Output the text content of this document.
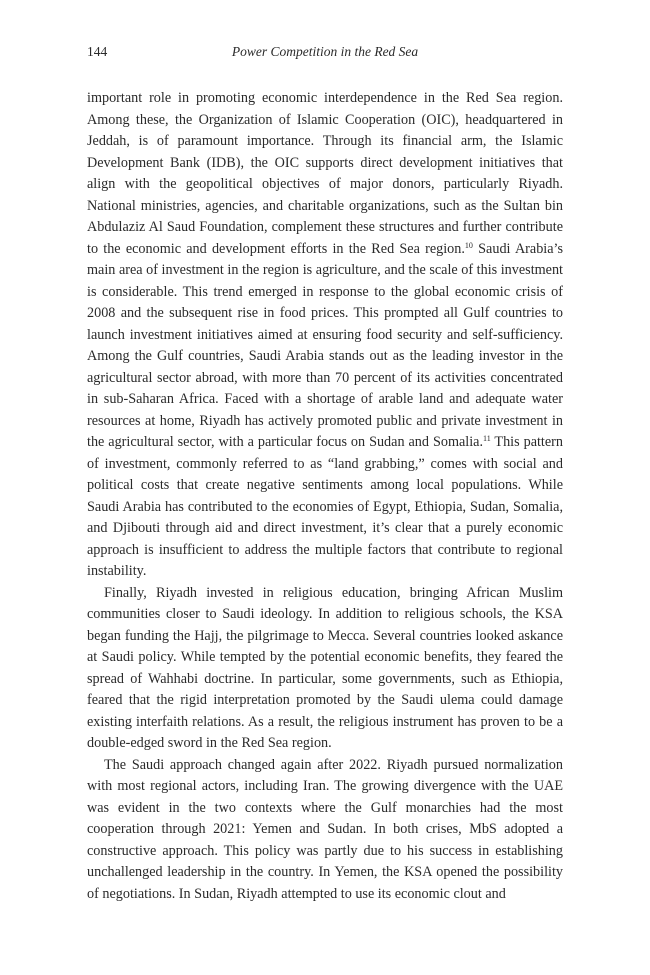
144	Power Competition in the Red Sea

important role in promoting economic interdependence in the Red Sea region. Among these, the Organization of Islamic Cooperation (OIC), headquartered in Jeddah, is of paramount importance. Through its financial arm, the Islamic Development Bank (IDB), the OIC supports direct development initiatives that align with the geopolitical objectives of major donors, particularly Riyadh. National ministries, agencies, and charitable organizations, such as the Sultan bin Abdulaziz Al Saud Foundation, complement these structures and further contribute to the economic and development efforts in the Red Sea region.$^{10}$ Saudi Arabia’s main area of investment in the region is agriculture, and the scale of this investment is considerable. This trend emerged in response to the global economic crisis of 2008 and the subsequent rise in food prices. This prompted all Gulf countries to launch investment initiatives aimed at ensuring food security and self-sufficiency. Among the Gulf countries, Saudi Arabia stands out as the leading investor in the agricultural sector abroad, with more than 70 percent of its activities concentrated in sub-Saharan Africa. Faced with a shortage of arable land and adequate water resources at home, Riyadh has actively promoted public and private investment in the agricultural sector, with a particular focus on Sudan and Somalia.$^{11}$ This pattern of investment, commonly referred to as “land grabbing,” comes with social and political costs that create negative sentiments among local populations. While Saudi Arabia has contributed to the economies of Egypt, Ethiopia, Sudan, Somalia, and Djibouti through aid and direct investment, it’s clear that a purely economic approach is insufficient to address the multiple factors that contribute to regional instability.

Finally, Riyadh invested in religious education, bringing African Muslim communities closer to Saudi ideology. In addition to religious schools, the KSA began funding the Hajj, the pilgrimage to Mecca. Several countries looked askance at Saudi policy. While tempted by the potential economic benefits, they feared the spread of Wahhabi doctrine. In particular, some governments, such as Ethiopia, feared that the rigid interpretation promoted by the Saudi ulema could damage existing interfaith relations. As a result, the religious instrument has proven to be a double-edged sword in the Red Sea region.

The Saudi approach changed again after 2022. Riyadh pursued normalization with most regional actors, including Iran. The growing divergence with the UAE was evident in the two contexts where the Gulf monarchies had the most cooperation through 2021: Yemen and Sudan. In both crises, MbS adopted a constructive approach. This policy was partly due to his success in establishing unchallenged leadership in the country. In Yemen, the KSA opened the possibility of negotiations. In Sudan, Riyadh attempted to use its economic clout and
